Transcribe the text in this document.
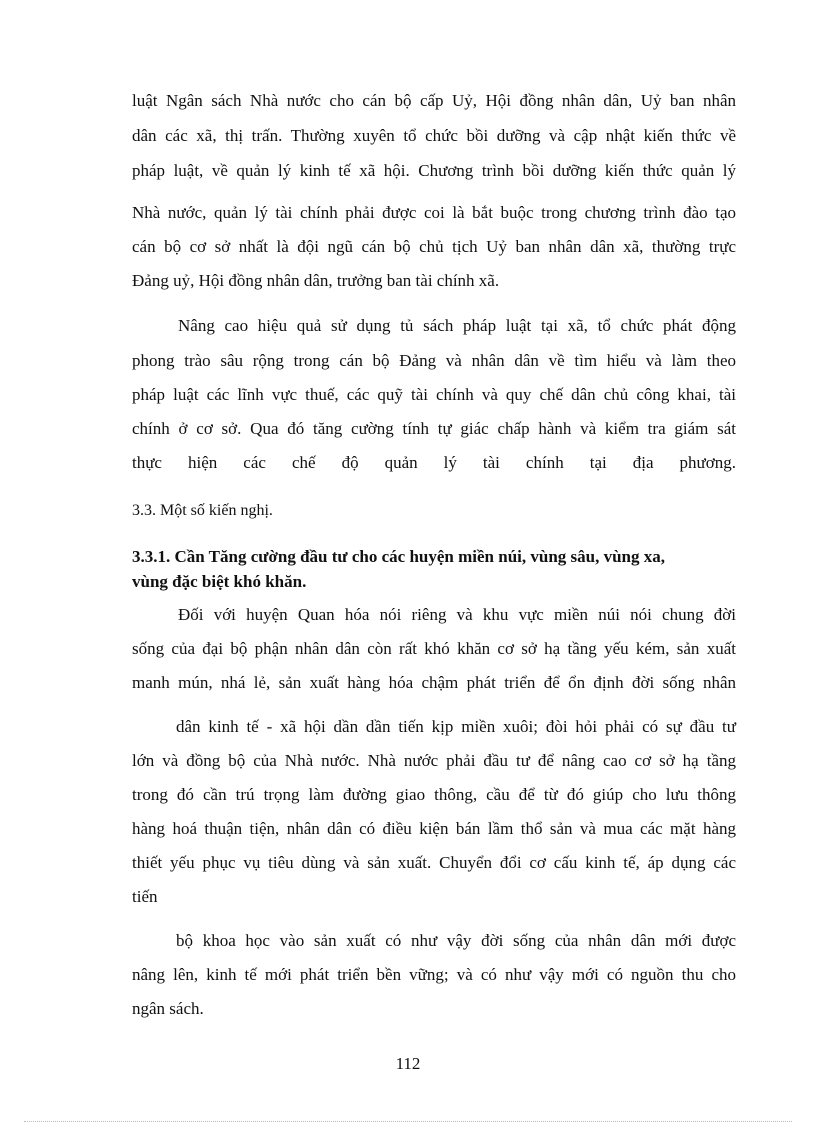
luật Ngân sách Nhà nước cho cán bộ cấp Uỷ, Hội đồng nhân dân, Uỷ ban nhân
dân các xã, thị trấn. Thường xuyên tổ chức bồi dưỡng và cập nhật kiến thức về
pháp luật, về quản lý kinh tế xã hội. Chương trình bồi dưỡng kiến thức quản lý
Nhà nước, quản lý tài chính phải được coi là bắt buộc trong chương trình đào tạo
cán bộ cơ sở nhất là đội ngũ cán bộ chủ tịch Uỷ ban nhân dân xã, thường trực
Đảng uỷ, Hội đồng nhân dân, trưởng ban tài chính xã.
Nâng cao hiệu quả sử dụng tủ sách pháp luật tại xã, tổ chức phát động
phong trào sâu rộng trong cán bộ Đảng và nhân dân về tìm hiểu và làm theo
pháp luật các lĩnh vực thuế, các quỹ tài chính và quy chế dân chủ công khai, tài
chính ở cơ sở. Qua đó tăng cường tính tự giác chấp hành và kiểm tra giám sát
thực hiện các chế độ quản lý tài chính tại địa phương.
3.3. Một số kiến nghị.
3.3.1. Cần Tăng cường đầu tư cho các huyện miền núi, vùng sâu, vùng xa,
vùng đặc biệt khó khăn.
Đối với huyện Quan hóa nói riêng và khu vực miền núi nói chung đời
sống của đại bộ phận nhân dân còn rất khó khăn cơ sở hạ tầng yếu kém, sản xuất
manh mún, nhá lẻ, sản xuất hàng hóa chậm phát triển để ổn định đời sống nhân
dân kinh tế - xã hội dần dần tiến kịp miền xuôi; đòi hỏi phải có sự đầu tư
lớn và đồng bộ của Nhà nước. Nhà nước phải đầu tư để nâng cao cơ sở hạ tầng
trong đó cần trú trọng làm đường giao thông, cầu để từ đó giúp cho lưu thông
hàng hoá thuận tiện, nhân dân có điều kiện bán lầm thổ sản và mua các mặt hàng
thiết yếu phục vụ tiêu dùng và sản xuất. Chuyển đổi cơ cấu kinh tế, áp dụng các
tiến
bộ khoa học vào sản xuất có như vậy đời sống của nhân dân mới được
nâng lên, kinh tế mới phát triển bền vững; và có như vậy mới có nguồn thu cho
ngân sách.
112
